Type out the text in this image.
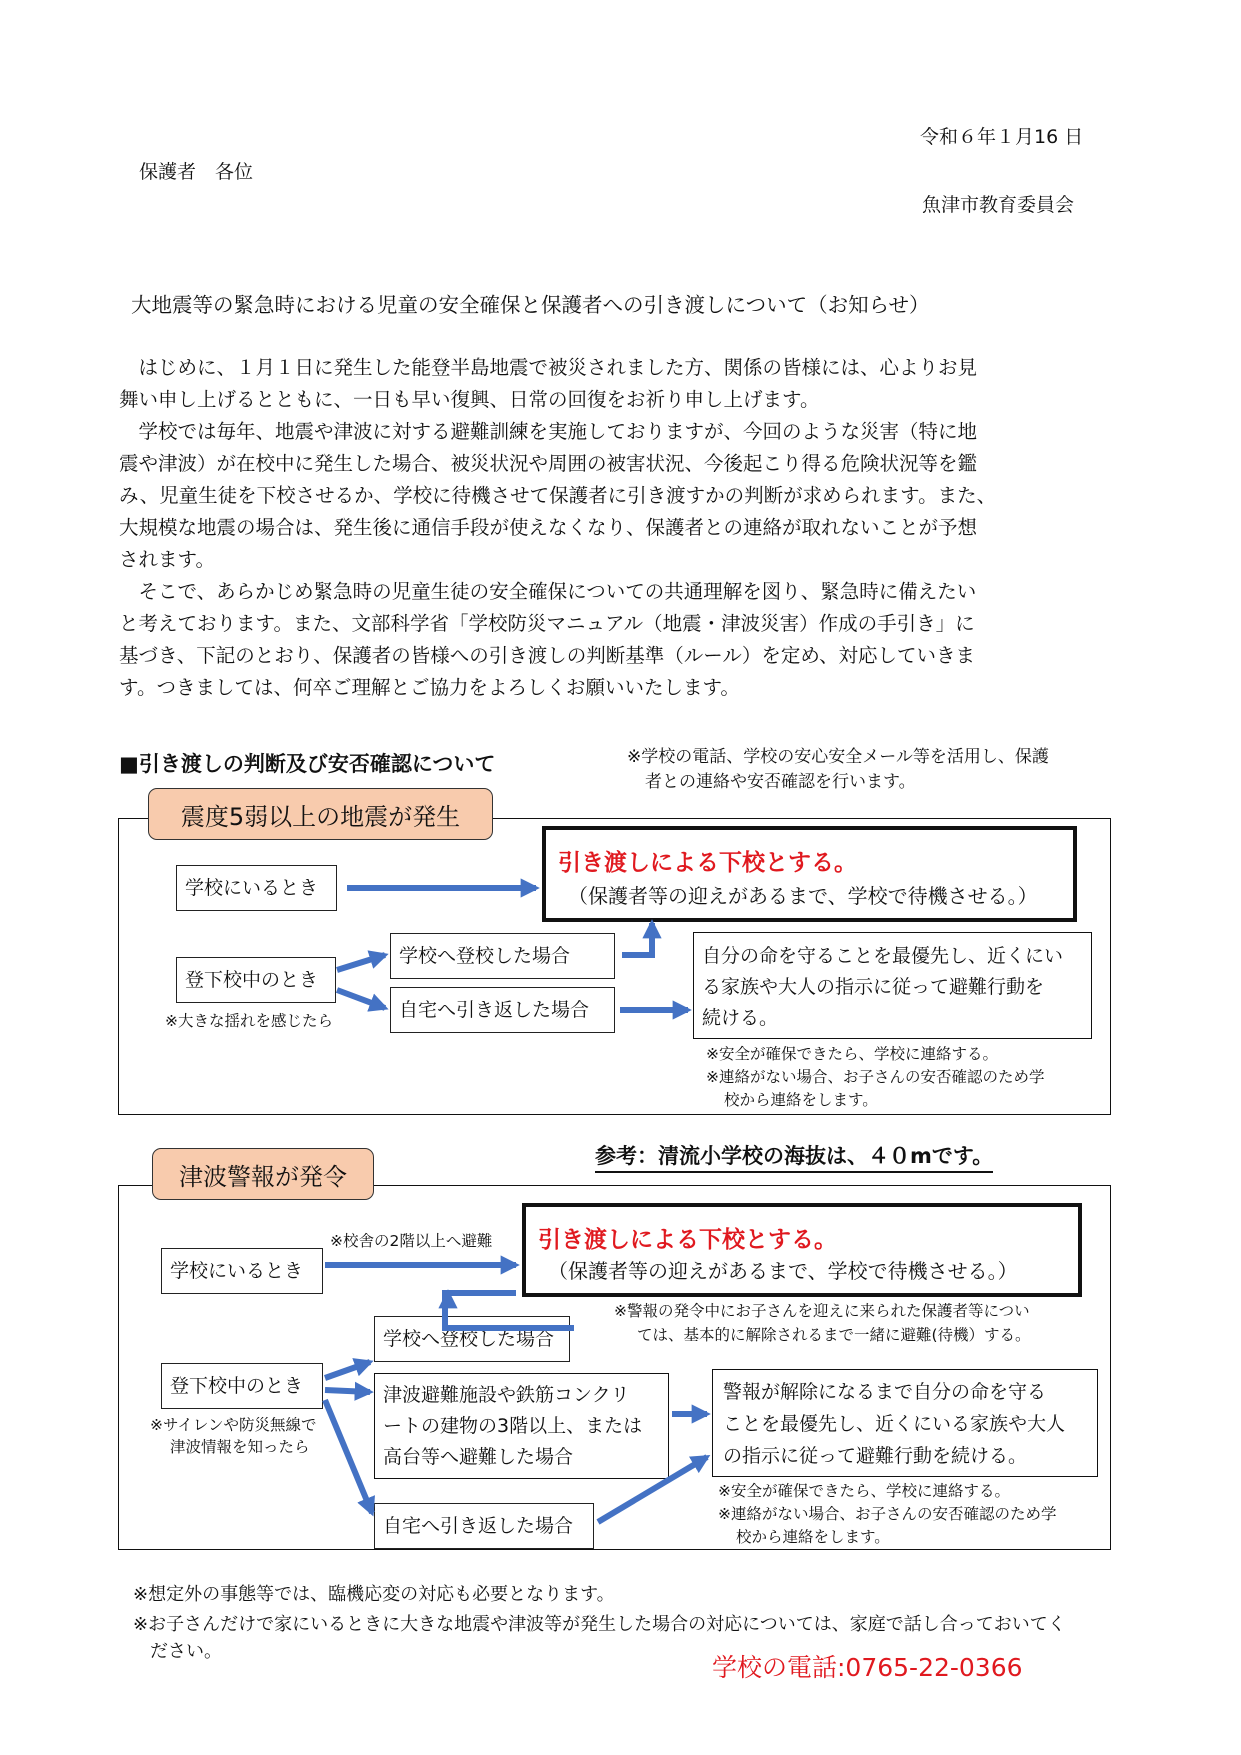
令和６年１月16 日
保護者　各位
魚津市教育委員会
大地震等の緊急時における児童の安全確保と保護者への引き渡しについて（お知らせ）
　はじめに、１月１日に発生した能登半島地震で被災されました方、関係の皆様には、心よりお見
舞い申し上げるとともに、一日も早い復興、日常の回復をお祈り申し上げます。
　学校では毎年、地震や津波に対する避難訓練を実施しておりますが、今回のような災害（特に地
震や津波）が在校中に発生した場合、被災状況や周囲の被害状況、今後起こり得る危険状況等を鑑
み、児童生徒を下校させるか、学校に待機させて保護者に引き渡すかの判断が求められます。また、
大規模な地震の場合は、発生後に通信手段が使えなくなり、保護者との連絡が取れないことが予想
されます。
　そこで、あらかじめ緊急時の児童生徒の安全確保についての共通理解を図り、緊急時に備えたい
と考えております。また、文部科学省「学校防災マニュアル（地震・津波災害）作成の手引き」に
基づき、下記のとおり、保護者の皆様への引き渡しの判断基準（ルール）を定め、対応していきま
す。つきましては、何卒ご理解とご協力をよろしくお願いいたします。
■引き渡しの判断及び安否確認について	※学校の電話、学校の安心安全メール等を活用し、保護
者との連絡や安否確認を行います。
震度5弱以上の地震が発生
学校にいるとき
登下校中のとき
※大きな揺れを感じたら
学校へ登校した場合
自宅へ引き返した場合
引き渡しによる下校とする。
（保護者等の迎えがあるまで、学校で待機させる。）
自分の命を守ることを最優先し、近くにい
る家族や大人の指示に従って避難行動を
続ける。
※安全が確保できたら、学校に連絡する。
※連絡がない場合、お子さんの安否確認のため学
校から連絡をします。
参考：清流小学校の海抜は、４０mです。
津波警報が発令
学校にいるとき
※校舎の2階以上へ避難
登下校中のとき
※サイレンや防災無線で
津波情報を知ったら
学校へ登校した場合
津波避難施設や鉄筋コンクリ
ートの建物の3階以上、または
高台等へ避難した場合
自宅へ引き返した場合
引き渡しによる下校とする。
（保護者等の迎えがあるまで、学校で待機させる。）
※警報の発令中にお子さんを迎えに来られた保護者等につい
ては、基本的に解除されるまで一緒に避難(待機）する。
警報が解除になるまで自分の命を守る
ことを最優先し、近くにいる家族や大人
の指示に従って避難行動を続ける。
※安全が確保できたら、学校に連絡する。
※連絡がない場合、お子さんの安否確認のため学
校から連絡をします。
※想定外の事態等では、臨機応変の対応も必要となります。
※お子さんだけで家にいるときに大きな地震や津波等が発生した場合の対応については、家庭で話し合っておいてく
ださい。
学校の電話:0765-22-0366
